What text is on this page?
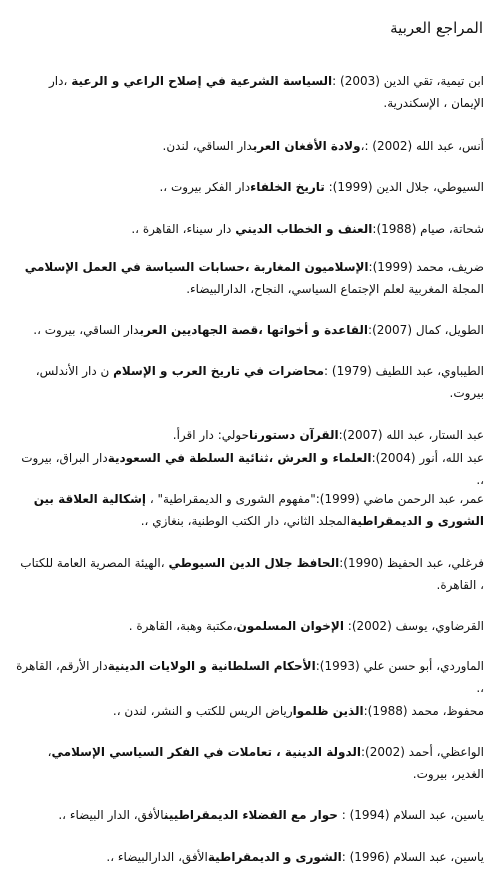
المراجع العربية
ابن تيمية، تقي الدين (2003) :السياسة الشرعية في إصلاح الراعي و الرعية ،دار الإيمان ، الإسكندرية.
أنس، عبد الله (2002) :،ولادة الأفغان العربدار الساقي، لندن.
السيوطي، جلال الدين (1999): تاريخ الخلفاءدار الفكر بيروت ،.
شحاتة، صيام (1988):العنف و الخطاب الديني دار سيناء، القاهرة ،.
ضريف، محمد (1999):الإسلاميون المغاربة ،حسابات السياسة في العمل الإسلامي المجلة المغربية لعلم الإجتماع السياسي، النجاح، الدارالبيضاء.
الطويل، كمال (2007):القاعدة و أخواتها ،قصة الجهاديين العربدار الساقي، بيروت ،.
الطيباوي، عبد اللطيف (1979) :محاضرات في تاريخ العرب و الإسلام ن دار الأندلس، بيروت.
عبد الستار، عبد الله (2007):القرآن دستورناحولي: دار اقرأ.
عبد الله، أنور (2004):العلماء و العرش ،ثنائية السلطة في السعوديةدار البراق، بيروت ،.
عمر، عبد الرحمن ماضي (1999):"مفهوم الشورى و الديمقراطية" ، إشكالية العلاقة بين الشورى و الديمقراطيةالمجلد الثاني، دار الكتب الوطنية، بنغازي ،.
فرغلي، عبد الحفيظ (1990):الحافظ جلال الدين السيوطي ،الهيئة المصرية العامة للكتاب ، القاهرة.
القرضاوي، يوسف (2002): الإخوان المسلمون،مكتبة وهبة، القاهرة .
الماوردي، أبو حسن علي (1993):الأحكام السلطانية و الولايات الدينيةدار الأرقم، القاهرة ،.
محفوظ، محمد (1988):الذين ظلموارياض الريس للكتب و النشر، لندن ،.
الواعظي، أحمد (2002):الدولة الدينية ، تعاملات في الفكر السياسي الإسلامي، الغدير، بيروت.
ياسين، عبد السلام (1994) : حوار مع الفضلاء الديمقراطيينالأفق، الدار البيضاء ،.
ياسين، عبد السلام (1996) :الشورى و الديمقراطيةالأفق، الدارالبيضاء ،.
